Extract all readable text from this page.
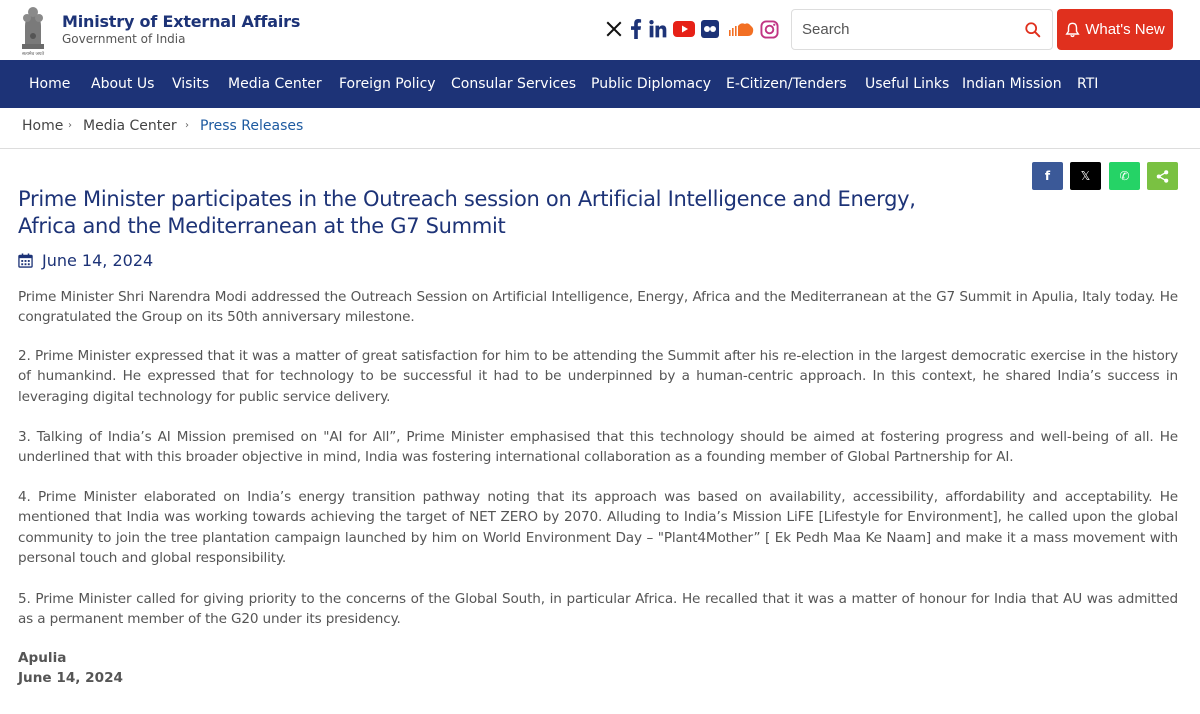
सत्यमेव जयते
Ministry of External Affairs
Government of India
Search
What's New
Home About Us Visits Media Center Foreign Policy Consular Services Public Diplomacy E-Citizen/Tenders Useful Links Indian Mission RTI
Home › Media Center › Press Releases
f	𝕏 ✆
Prime Minister participates in the Outreach session on Artificial Intelligence and Energy, Africa and the Mediterranean at the G7 Summit
June 14, 2024

Prime Minister Shri Narendra Modi addressed the Outreach Session on Artificial Intelligence, Energy, Africa and the Mediterranean at the G7 Summit in Apulia, Italy today. He congratulated the Group on its 50th anniversary milestone.

2. Prime Minister expressed that it was a matter of great satisfaction for him to be attending the Summit after his re-election in the largest democratic exercise in the history of humankind. He expressed that for technology to be successful it had to be underpinned by a human-centric approach. In this context, he shared India’s success in leveraging digital technology for public service delivery.

3. Talking of India’s AI Mission premised on "AI for All”, Prime Minister emphasised that this technology should be aimed at fostering progress and well-being of all. He underlined that with this broader objective in mind, India was fostering international collaboration as a founding member of Global Partnership for AI.

4. Prime Minister elaborated on India’s energy transition pathway noting that its approach was based on availability, accessibility, affordability and acceptability. He mentioned that India was working towards achieving the target of NET ZERO by 2070. Alluding to India’s Mission LiFE [Lifestyle for Environment], he called upon the global community to join the tree plantation campaign launched by him on World Environment Day – "Plant4Mother” [ Ek Pedh Maa Ke Naam] and make it a mass movement with personal touch and global responsibility.

5. Prime Minister called for giving priority to the concerns of the Global South, in particular Africa. He recalled that it was a matter of honour for India that AU was admitted as a permanent member of the G20 under its presidency.

Apulia
June 14, 2024
